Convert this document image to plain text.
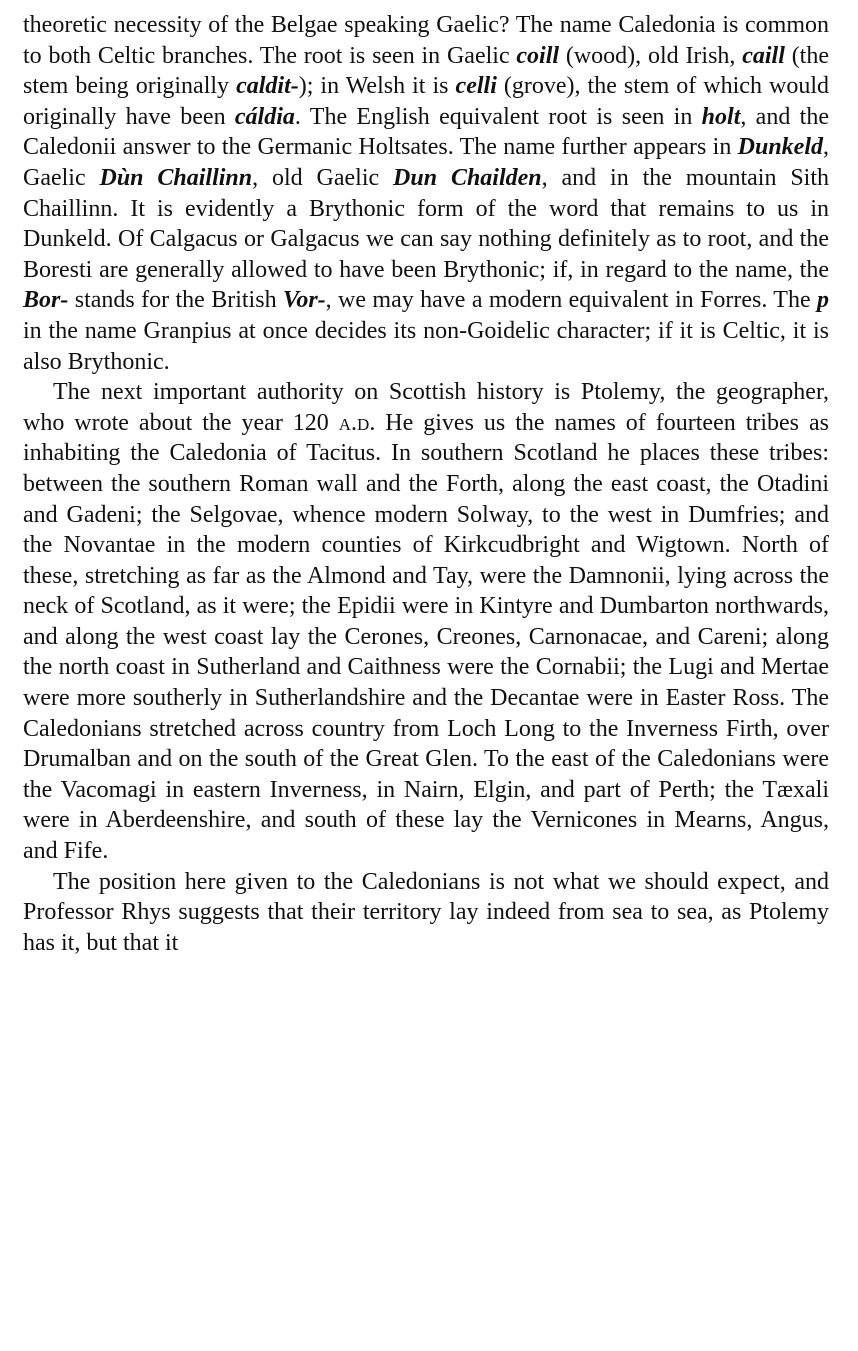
theoretic necessity of the Belgae speaking Gaelic? The name Caledonia is common to both Celtic branches. The root is seen in Gaelic coill (wood), old Irish, caill (the stem being originally caldit-); in Welsh it is celli (grove), the stem of which would originally have been cáldia. The English equivalent root is seen in holt, and the Caledonii answer to the Germanic Holtsates. The name further appears in Dunkeld, Gaelic Dùn Chaillinn, old Gaelic Dun Chailden, and in the mountain Sith Chaillinn. It is evidently a Brythonic form of the word that remains to us in Dunkeld. Of Calgacus or Galgacus we can say nothing definitely as to root, and the Boresti are generally allowed to have been Brythonic; if, in regard to the name, the Bor- stands for the British Vor-, we may have a modern equivalent in Forres. The p in the name Granpius at once decides its non-Goidelic character; if it is Celtic, it is also Brythonic.

The next important authority on Scottish history is Ptolemy, the geographer, who wrote about the year 120 a.d. He gives us the names of fourteen tribes as inhabiting the Caledonia of Tacitus. In southern Scotland he places these tribes: between the southern Roman wall and the Forth, along the east coast, the Otadini and Gadeni; the Selgovae, whence modern Solway, to the west in Dumfries; and the Novantae in the modern counties of Kirkcudbright and Wigtown. North of these, stretching as far as the Almond and Tay, were the Damnonii, lying across the neck of Scotland, as it were; the Epidii were in Kintyre and Dumbarton northwards, and along the west coast lay the Cerones, Creones, Carnonacae, and Careni; along the north coast in Sutherland and Caithness were the Cornabii; the Lugi and Mertae were more southerly in Sutherlandshire and the Decantae were in Easter Ross. The Caledonians stretched across country from Loch Long to the Inverness Firth, over Drumalban and on the south of the Great Glen. To the east of the Caledonians were the Vacomagi in eastern Inverness, in Nairn, Elgin, and part of Perth; the Tæxali were in Aberdeenshire, and south of these lay the Vernicones in Mearns, Angus, and Fife.

The position here given to the Caledonians is not what we should expect, and Professor Rhys suggests that their territory lay indeed from sea to sea, as Ptolemy has it, but that it
